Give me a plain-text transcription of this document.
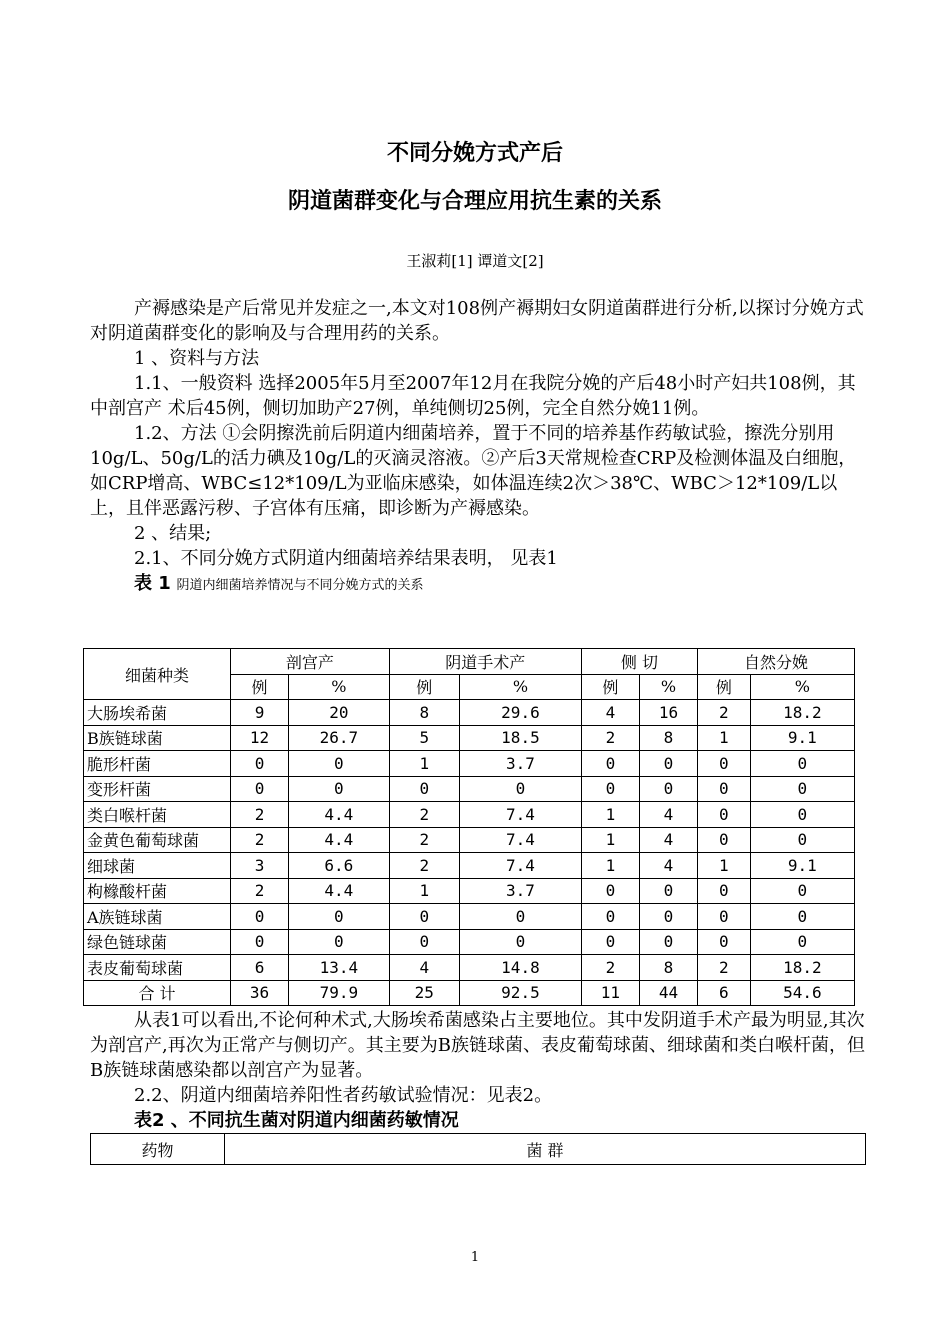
不同分娩方式产后
阴道菌群变化与合理应用抗生素的关系
王淑莉[1] 谭道文[2]

产褥感染是产后常见并发症之一,本文对108例产褥期妇女阴道菌群进行分析,以探讨分娩方式对阴道菌群变化的影响及与合理用药的关系。

1 、资料与方法

1.1、一般资料 选择2005年5月至2007年12月在我院分娩的产后48小时产妇共108例，其中剖宫产 术后45例，侧切加助产27例，单纯侧切25例，完全自然分娩11例。

1.2、方法 ①会阴擦洗前后阴道内细菌培养，置于不同的培养基作药敏试验，擦洗分别用10g/L、50g/L的活力碘及10g/L的灭滴灵溶液。②产后3天常规检查CRP及检测体温及白细胞，如CRP增高、WBC≤12*109/L为亚临床感染，如体温连续2次＞38℃、WBC＞12*109/L以上，且伴恶露污秽、子宫体有压痛，即诊断为产褥感染。

2 、结果;

2.1、不同分娩方式阴道内细菌培养结果表明， 见表1

表 1 阴道内细菌培养情况与不同分娩方式的关系

细菌种类	剖宫产		阴道手术产		侧 切		自然分娩	
	例	%	例	%	例	%	例	%
大肠埃希菌	9	20	8	29.6	4	16	2	18.2
B族链球菌	12	26.7	5	18.5	2	8	1	9.1
脆形杆菌	0	0	1	3.7	0	0	0	0
变形杆菌	0	0	0	0	0	0	0	0
类白喉杆菌	2	4.4	2	7.4	1	4	0	0
金黄色葡萄球菌	2	4.4	2	7.4	1	4	0	0
细球菌	3	6.6	2	7.4	1	4	1	9.1
枸橼酸杆菌	2	4.4	1	3.7	0	0	0	0
A族链球菌	0	0	0	0	0	0	0	0
绿色链球菌	0	0	0	0	0	0	0	0
表皮葡萄球菌	6	13.4	4	14.8	2	8	2	18.2
合 计	36	79.9	25	92.5	11	44	6	54.6

从表1可以看出,不论何种术式,大肠埃希菌感染占主要地位。其中发阴道手术产最为明显,其次为剖宫产,再次为正常产与侧切产。其主要为B族链球菌、表皮葡萄球菌、细球菌和类白喉杆菌，但B族链球菌感染都以剖宫产为显著。

2.2、阴道内细菌培养阳性者药敏试验情况：见表2。

表2 、不同抗生菌对阴道内细菌药敏情况

药物	菌 群
1
